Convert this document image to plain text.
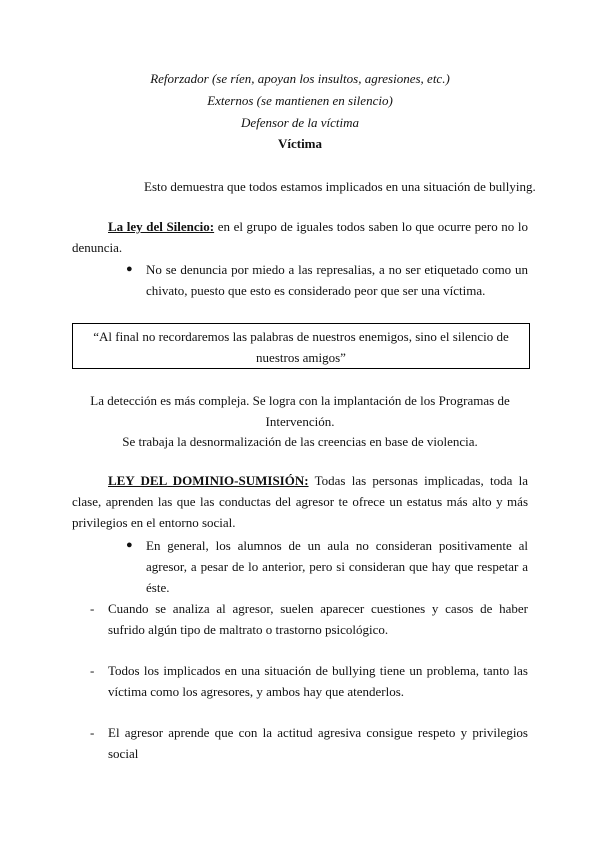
Reforzador (se ríen, apoyan los insultos, agresiones, etc.)
Externos (se mantienen en silencio)
Defensor de la víctima
Víctima
Esto demuestra que todos estamos implicados en una situación de bullying.
La ley del Silencio: en el grupo de iguales todos saben lo que ocurre pero no lo denuncia.
●	No se denuncia por miedo a las represalias, a no ser etiquetado como un chivato, puesto que esto es considerado peor que ser una víctima.
“Al final no recordaremos las palabras de nuestros enemigos, sino el silencio de nuestros amigos”
La detección es más compleja. Se logra con la implantación de los Programas de
Intervención.
Se trabaja la desnormalización de las creencias en base de violencia.
LEY DEL DOMINIO-SUMISIÓN: Todas las personas implicadas, toda la clase, aprenden las que las conductas del agresor te ofrece un estatus más alto y más privilegios en el entorno social.
●	En general, los alumnos de un aula no consideran positivamente al agresor, a pesar de lo anterior, pero si consideran que hay que respetar a éste.
- Cuando se analiza al agresor, suelen aparecer cuestiones y casos de haber sufrido algún tipo de maltrato o trastorno psicológico.
- Todos los implicados en una situación de bullying tiene un problema, tanto las víctima como los agresores, y ambos hay que atenderlos.
- El agresor aprende que con la actitud agresiva consigue respeto y privilegios social
